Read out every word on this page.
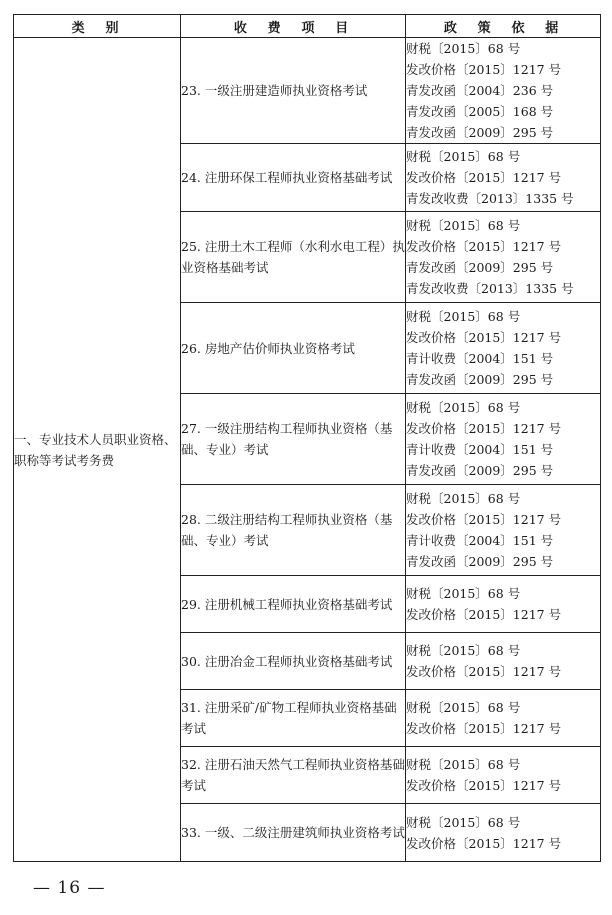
类　别	收　费　项　目	政　策　依　据
一、专业技术人员职业资格、职称等考试考务费	23. 一级注册建造师执业资格考试	财税〔2015〕68 号
发改价格〔2015〕1217 号
青发改函〔2004〕236 号
青发改函〔2005〕168 号
青发改函〔2009〕295 号

	24. 注册环保工程师执业资格基础考试	财税〔2015〕68 号
发改价格〔2015〕1217 号
青发改收费〔2013〕1335 号

	25. 注册土木工程师（水利水电工程）执业资格基础考试	财税〔2015〕68 号
发改价格〔2015〕1217 号
青发改函〔2009〕295 号
青发改收费〔2013〕1335 号

	26. 房地产估价师执业资格考试	财税〔2015〕68 号
发改价格〔2015〕1217 号
青计收费〔2004〕151 号
青发改函〔2009〕295 号

	27. 一级注册结构工程师执业资格（基础、专业）考试	财税〔2015〕68 号
发改价格〔2015〕1217 号
青计收费〔2004〕151 号
青发改函〔2009〕295 号

	28. 二级注册结构工程师执业资格（基础、专业）考试	财税〔2015〕68 号
发改价格〔2015〕1217 号
青计收费〔2004〕151 号
青发改函〔2009〕295 号

	29. 注册机械工程师执业资格基础考试	财税〔2015〕68 号
发改价格〔2015〕1217 号

	30. 注册冶金工程师执业资格基础考试	财税〔2015〕68 号
发改价格〔2015〕1217 号

	31. 注册采矿/矿物工程师执业资格基础考试	财税〔2015〕68 号
发改价格〔2015〕1217 号

	32. 注册石油天然气工程师执业资格基础考试	财税〔2015〕68 号
发改价格〔2015〕1217 号

	33. 一级、二级注册建筑师执业资格考试	财税〔2015〕68 号
发改价格〔2015〕1217 号
— 16 —
